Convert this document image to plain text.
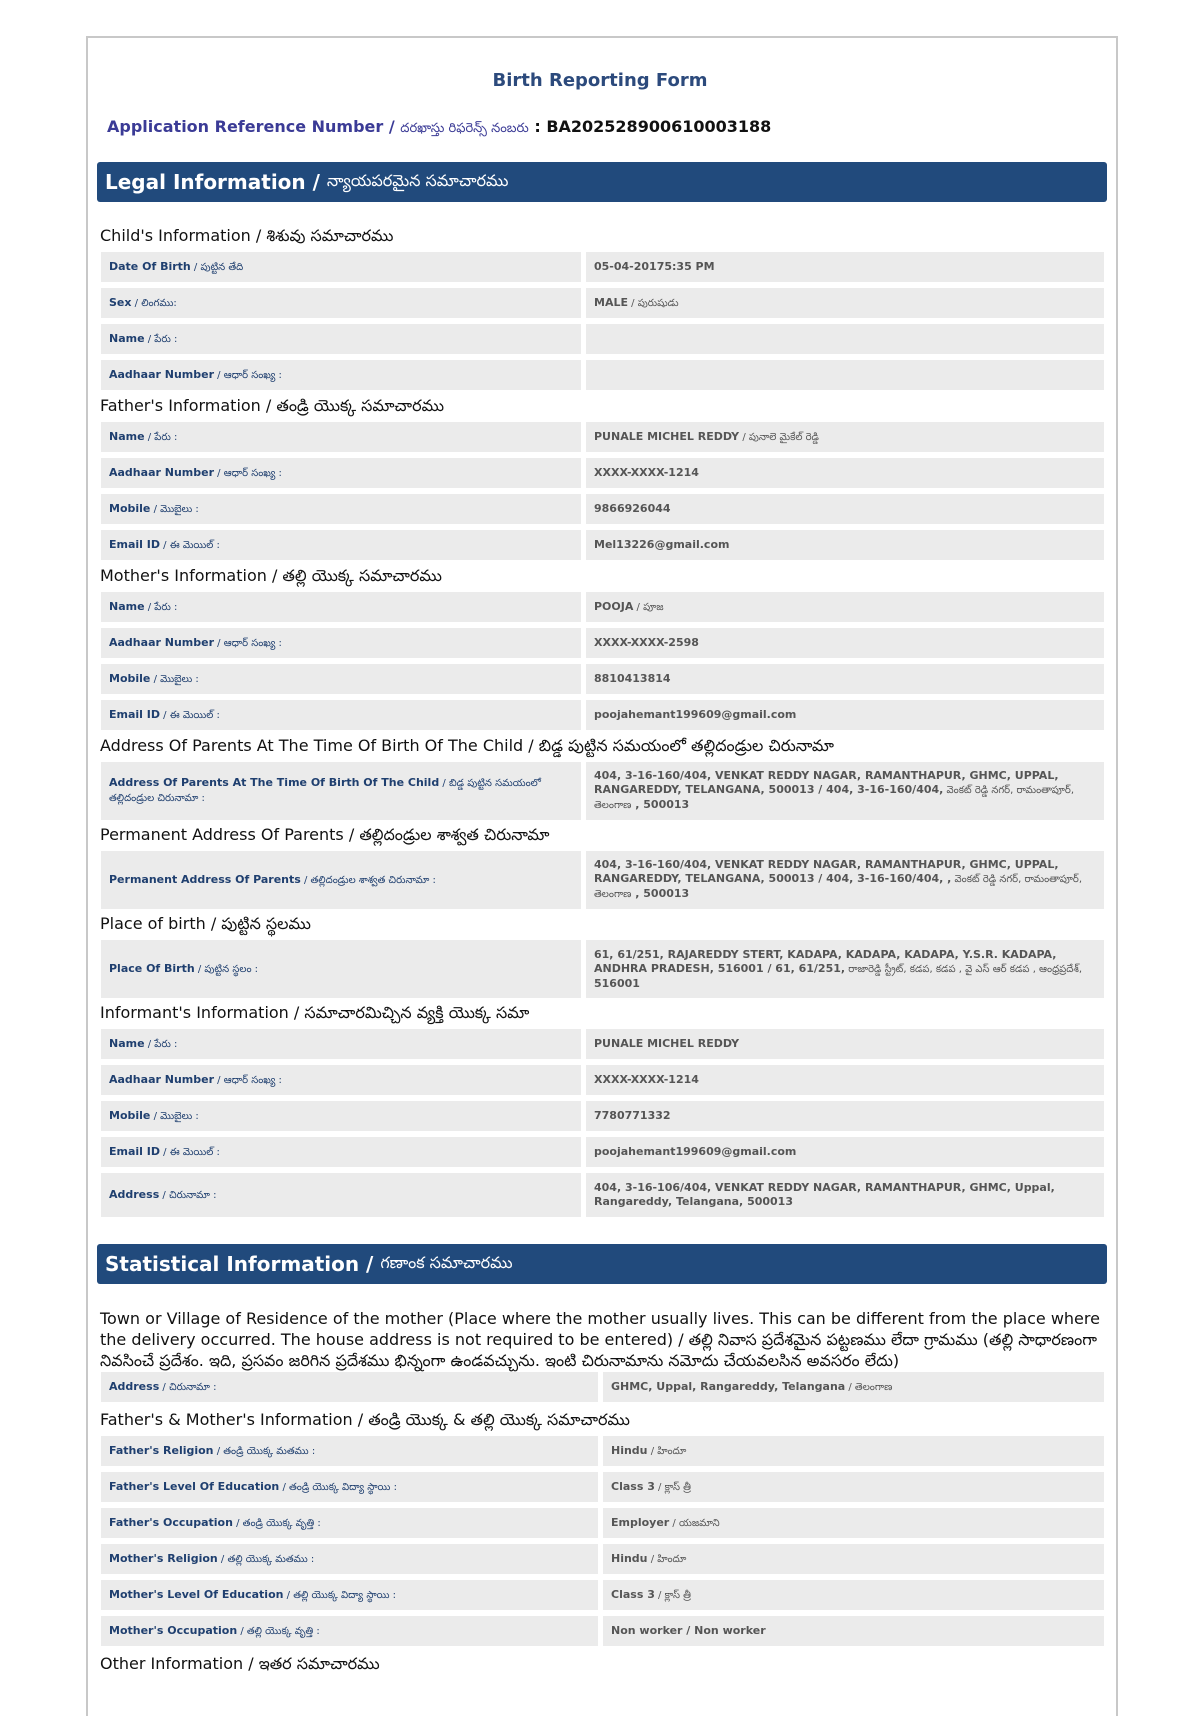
Birth Reporting Form
Application Reference Number / దరఖాస్తు రిఫరెన్స్ నంబరు : BA202528900610003188
Legal Information / న్యాయపరమైన సమాచారము
Child's Information / శిశువు సమాచారము
Father's Information / తండ్రి యొక్క సమాచారము
Mother's Information / తల్లి యొక్క సమాచారము
Address Of Parents At The Time Of Birth Of The Child / బిడ్డ పుట్టిన సమయంలో తల్లిదండ్రుల చిరునామా
Permanent Address Of Parents / తల్లిదండ్రుల శాశ్వత చిరునామా
Place of birth / పుట్టిన స్థలము
Informant's Information / సమాచారమిచ్చిన వ్యక్తి యొక్క సమా
Statistical Information / గణాంక సమాచారము
Town or Village of Residence of the mother (Place where the mother usually lives. This can be different from the place where the delivery occurred. The house address is not required to be entered) / తల్లి నివాస ప్రదేశమైన పట్టణము లేదా గ్రామము (తల్లి సాధారణంగా నివసించే ప్రదేశం. ఇది, ప్రసవం జరిగిన ప్రదేశము భిన్నంగా ఉండవచ్చును. ఇంటి చిరునామాను నమోదు చేయవలసిన అవసరం లేదు)
Father's & Mother's Information / తండ్రి యొక్క & తల్లి యొక్క సమాచారము
Other Information / ఇతర సమాచారము
Date Of Birth / పుట్టిన తేది	05-04-20175:35 PM
Sex / లింగము:	MALE / పురుషుడు
Name / పేరు :
Aadhaar Number / ఆధార్ సంఖ్య :
Name / పేరు :	PUNALE MICHEL REDDY / పునాలె మైకేల్ రెడ్డి
Aadhaar Number / ఆధార్ సంఖ్య :	XXXX-XXXX-1214
Mobile / మొబైలు :	9866926044
Email ID / ఈ మెయిల్ :	Mel13226@gmail.com
Name / పేరు :	POOJA / పూజ
Aadhaar Number / ఆధార్ సంఖ్య :	XXXX-XXXX-2598
Mobile / మొబైలు :	8810413814
Email ID / ఈ మెయిల్ :	poojahemant199609@gmail.com
Address Of Parents At The Time Of Birth Of The Child / బిడ్డ పుట్టిన సమయంలో తల్లిదండ్రుల చిరునామా :
404, 3-16-160/404, VENKAT REDDY NAGAR, RAMANTHAPUR, GHMC, UPPAL, RANGAREDDY, TELANGANA, 500013 / 404, 3-16-160/404, వెంకట్ రెడ్డి నగర్, రామంతాపూర్, తెలంగాణ , 500013
Permanent Address Of Parents / తల్లిదండ్రుల శాశ్వత చిరునామా :
404, 3-16-160/404, VENKAT REDDY NAGAR, RAMANTHAPUR, GHMC, UPPAL, RANGAREDDY, TELANGANA, 500013 / 404, 3-16-160/404, , వెంకట్ రెడ్డి నగర్, రామంతాపూర్, తెలంగాణ , 500013
Place Of Birth / పుట్టిన స్థలం :
61, 61/251, RAJAREDDY STERT, KADAPA, KADAPA, KADAPA, Y.S.R. KADAPA, ANDHRA PRADESH, 516001 / 61, 61/251, రాజారెడ్డి స్ట్రీట్, కడప, కడప , వై ఎస్ ఆర్ కడప , ఆంధ్రప్రదేశ్, 516001
Name / పేరు :	PUNALE MICHEL REDDY
Aadhaar Number / ఆధార్ సంఖ్య :	XXXX-XXXX-1214
Mobile / మొబైలు :	7780771332
Email ID / ఈ మెయిల్ :	poojahemant199609@gmail.com
Address / చిరునామా :
404, 3-16-106/404, VENKAT REDDY NAGAR, RAMANTHAPUR, GHMC, Uppal, Rangareddy, Telangana, 500013
Address / చిరునామా :	GHMC, Uppal, Rangareddy, Telangana / తెలంగాణ
Father's Religion / తండ్రి యొక్క మతము :	Hindu / హిందూ
Father's Level Of Education / తండ్రి యొక్క విద్యా స్థాయి :	Class 3 / క్లాస్ త్రీ
Father's Occupation / తండ్రి యొక్క వృత్తి :	Employer / యజమాని
Mother's Religion / తల్లి యొక్క మతము :	Hindu / హిందూ
Mother's Level Of Education / తల్లి యొక్క విద్యా స్థాయి :	Class 3 / క్లాస్ త్రీ
Mother's Occupation / తల్లి యొక్క వృత్తి :	Non worker / Non worker
